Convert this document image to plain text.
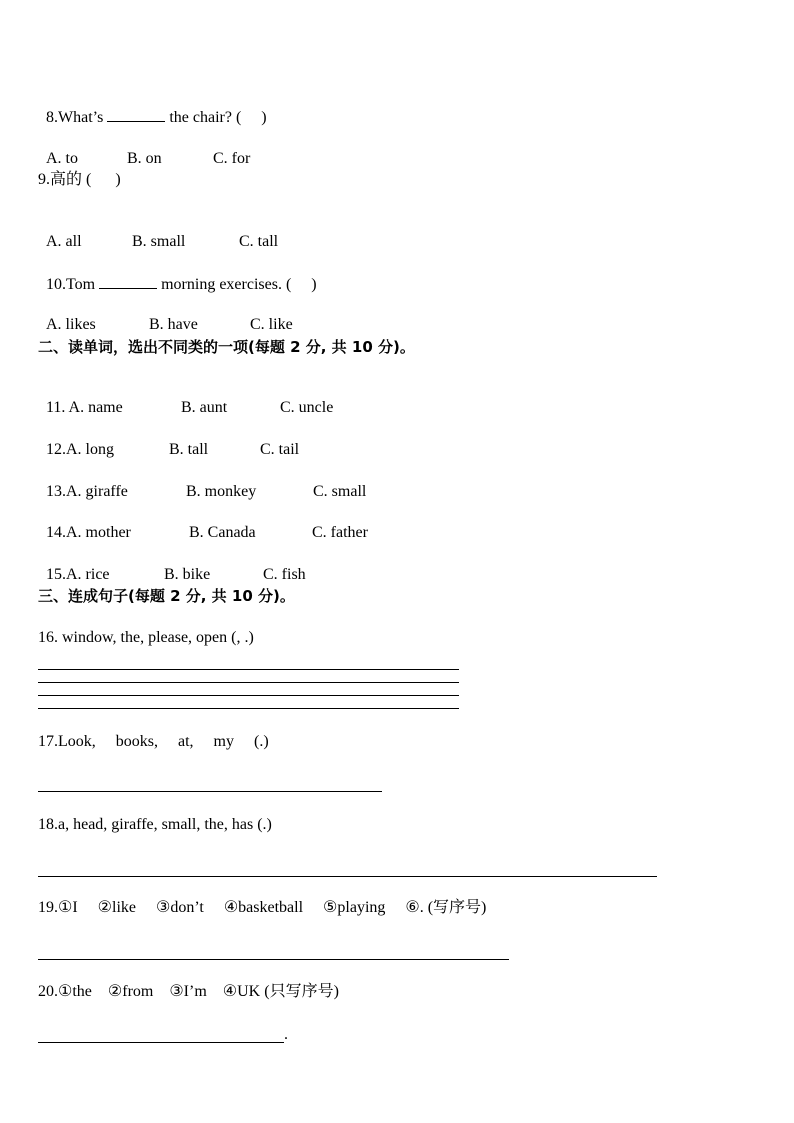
8.What’s	the chair? (     )

A. to	B. on	C. for

9.高的 (      )

A. all	B. small	C. tall

10.Tom	morning exercises. (     )

A. likes	B. have	C. like

二、读单词，选出不同类的一项(每题 2 分, 共 10 分)。

11. A. name	B. aunt	C. uncle

12.A. long	B. tall	C. tail

13.A. giraffe	B. monkey	C. small

14.A. mother	B. Canada	C. father

15.A. rice	B. bike	C. fish

三、连成句子(每题 2 分, 共 10 分)。
16. window, the, please, open (, .)
17.Look,     books,     at,     my     (.)
18.a, head, giraffe, small, the, has (.)
19.①I     ②like     ③don’t     ④basketball     ⑤playing     ⑥. (写序号)
20.①the    ②from    ③I’m    ④UK (只写序号)
.
